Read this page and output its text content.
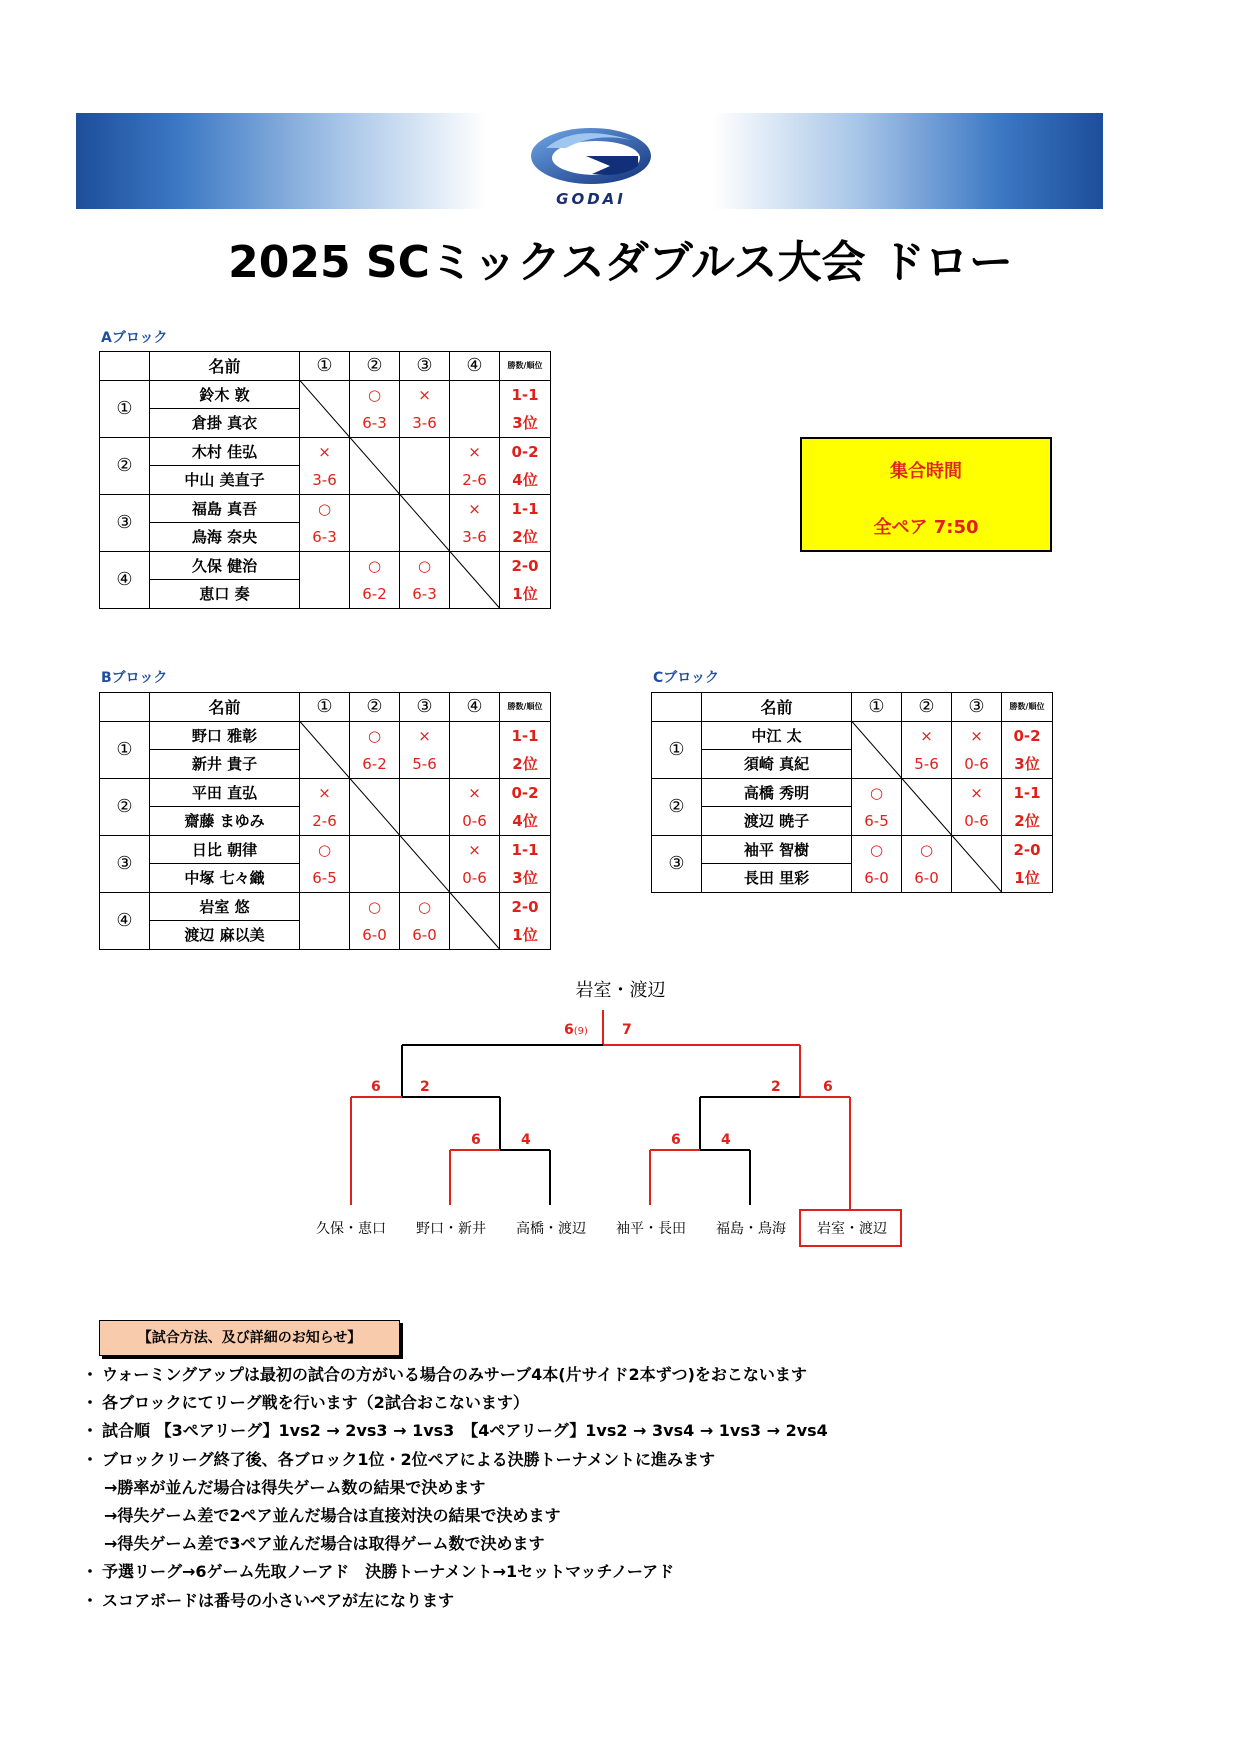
GODAI
2025 SCミックスダブルス大会 ドロー
Aブロック
Bブロック	Cブロック
	名前	①	②	③	④	勝数/順位
①	鈴木 敦		○	×		1-1
	倉掛 真衣		6-3	3-6		3位
②	木村 佳弘	×			×	0-2
	中山 美直子	3-6			2-6	4位
③	福島 真吾	○			×	1-1
	鳥海 奈央	6-3			3-6	2位
④	久保 健治		○	○		2-0
	恵口 奏		6-2	6-3		1位
	名前	①	②	③	④	勝数/順位
①	野口 雅彰		○	×		1-1
	新井 貴子		6-2	5-6		2位
②	平田 直弘	×			×	0-2
	齋藤 まゆみ	2-6			0-6	4位
③	日比 朝律	○			×	1-1
	中塚 七々織	6-5			0-6	3位
④	岩室 悠		○	○		2-0
	渡辺 麻以美		6-0	6-0		1位
	名前	①	②	③	勝数/順位
①	中江 太		×	×	0-2
	須崎 真紀		5-6	0-6	3位
②	高橋 秀明	○		×	1-1
	渡辺 暁子	6-5		0-6	2位
③	袖平 智樹	○	○		2-0
	長田 里彩	6-0	6-0		1位
集合時間
全ペア 7:50
岩室・渡辺
6(9) 7
6	2	2	6
6	4	6	4
久保・恵口 野口・新井 高橋・渡辺 袖平・長田 福島・鳥海 岩室・渡辺
【試合方法、及び詳細のお知らせ】
・ ウォーミングアップは最初の試合の方がいる場合のみサーブ4本(片サイド2本ずつ)をおこないます
・ 各ブロックにてリーグ戦を行います（2試合おこないます）
・ 試合順 【3ペアリーグ】1vs2 → 2vs3 → 1vs3　【4ペアリーグ】1vs2 → 3vs4 → 1vs3 → 2vs4
・ ブロックリーグ終了後、各ブロック1位・2位ペアによる決勝トーナメントに進みます
→勝率が並んだ場合は得失ゲーム数の結果で決めます
→得失ゲーム差で2ペア並んだ場合は直接対決の結果で決めます
→得失ゲーム差で3ペア並んだ場合は取得ゲーム数で決めます
・ 予選リーグ→6ゲーム先取ノーアド　決勝トーナメント→1セットマッチノーアド
・ スコアボードは番号の小さいペアが左になります
